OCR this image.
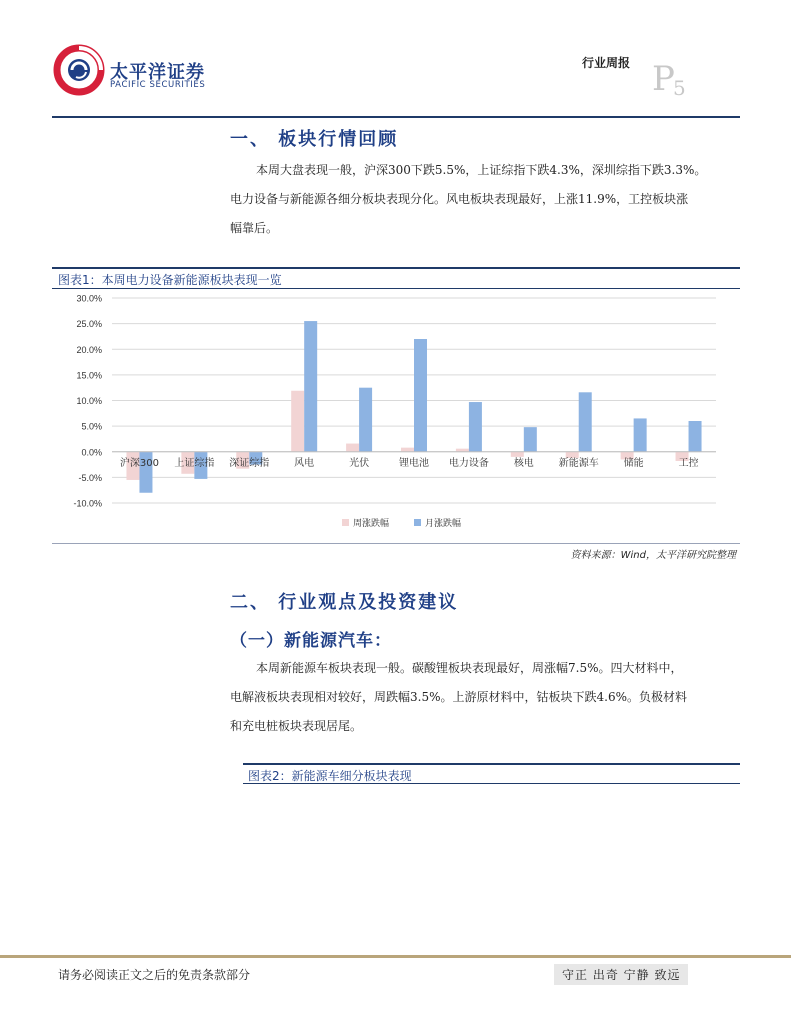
太平洋证券
PACIFIC SECURITIES
行业周报 P
5
一、 板块行情回顾
本周大盘表现一般，沪深300下跌5.5%，上证综指下跌4.3%，深圳综指下跌3.3%。
电力设备与新能源各细分板块表现分化。风电板块表现最好，上涨11.9%，工控板块涨
幅靠后。
图表1：本周电力设备新能源板块表现一览
30.0%
25.0%
20.0%
15.0%
10.0%
5.0%
0.0%
-5.0%
-10.0%
沪深300 上证综指 深证综指 风电	光伏	锂电池 电力设备 核电 新能源车 储能	工控
周涨跌幅	月涨跌幅
资料来源：Wind，太平洋研究院整理
二、 行业观点及投资建议
（一）新能源汽车：
本周新能源车板块表现一般。碳酸锂板块表现最好，周涨幅7.5%。四大材料中，
电解液板块表现相对较好，周跌幅3.5%。上游原材料中，钴板块下跌4.6%。负极材料
和充电桩板块表现居尾。
图表2：新能源车细分板块表现
请务必阅读正文之后的免责条款部分	守正 出奇 宁静 致远
